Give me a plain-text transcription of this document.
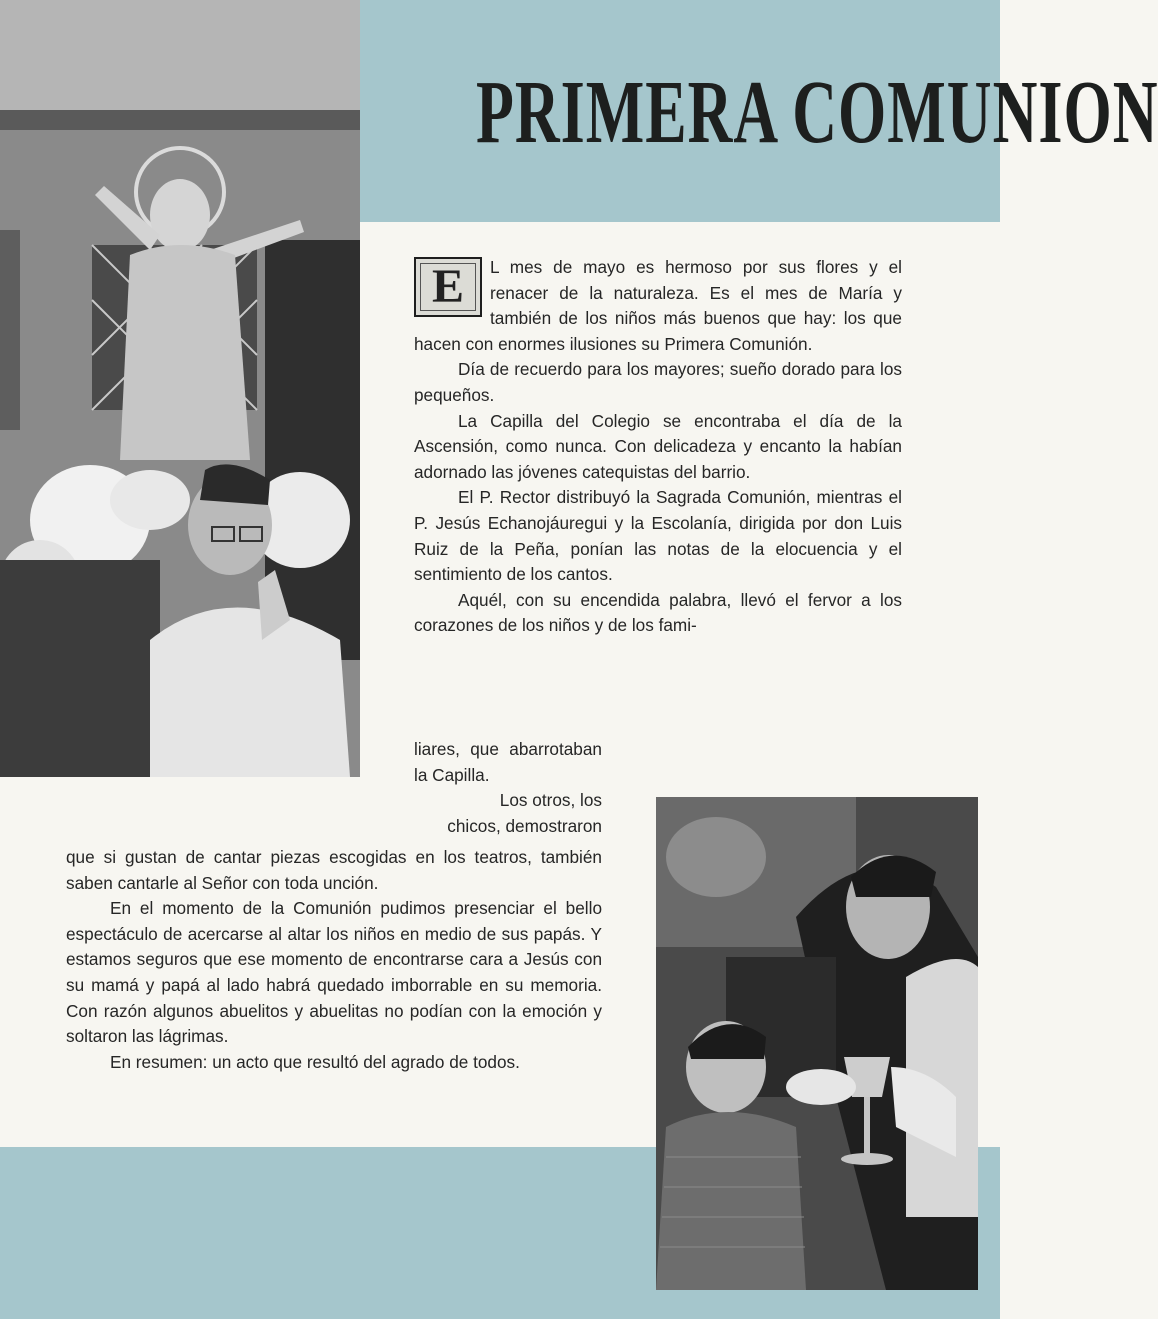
PRIMERA COMUNION

E	L mes de mayo es hermoso por sus flores y el renacer de la naturaleza. Es el mes de María y también de los niños más buenos que hay: los que hacen con enormes ilusiones su Primera Comunión.

Día de recuerdo para los mayores; sueño dorado para los pequeños.

La Capilla del Colegio se encontraba el día de la Ascensión, como nunca. Con delicadeza y encanto la habían adornado las jóvenes catequistas del barrio.

El P. Rector distribuyó la Sagrada Comunión, mientras el P. Jesús Echanojáuregui y la Escolanía, dirigida por don Luis Ruiz de la Peña, ponían las notas de la elocuencia y el sentimiento de los cantos.

Aquél, con su encendida palabra, llevó el fervor a los corazones de los niños y de los fami-

liares, que abarrotaban la Capilla.

Los otros, los chicos, demostraron

que si gustan de cantar piezas escogidas en los teatros, también saben cantarle al Señor con toda unción.

En el momento de la Comunión pudimos presenciar el bello espectáculo de acercarse al altar los niños en medio de sus papás. Y estamos seguros que ese momento de encontrarse cara a Jesús con su mamá y papá al lado habrá quedado imborrable en su memoria. Con razón algunos abuelitos y abuelitas no podían con la emoción y soltaron las lágrimas.

En resumen: un acto que resultó del agrado de todos.
